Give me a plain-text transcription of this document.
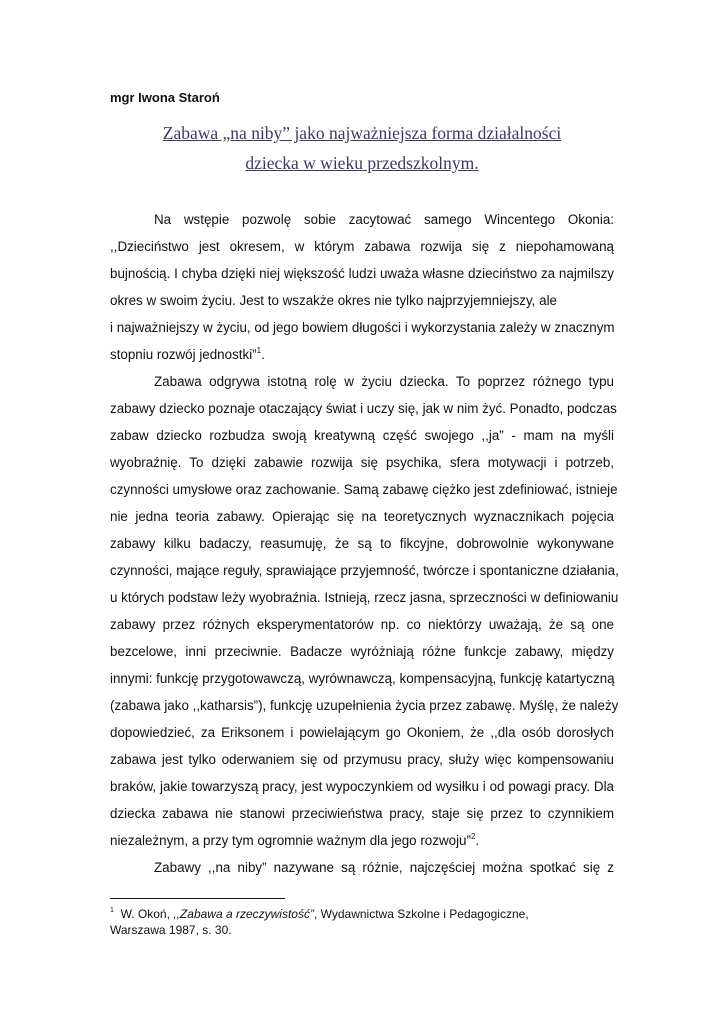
mgr Iwona Staroń
Zabawa „na niby” jako najważniejsza forma działalności
dziecka w wieku przedszkolnym.
Na wstępie pozwolę sobie zacytować samego Wincentego Okonia:
,,Dzieciństwo jest okresem, w którym zabawa rozwija się z niepohamowaną
bujnością. I chyba dzięki niej większość ludzi uważa własne dzieciństwo za najmilszy
okres w swoim życiu. Jest to wszakże okres nie tylko najprzyjemniejszy, ale
i najważniejszy w życiu, od jego bowiem długości i wykorzystania zależy w znacznym
stopniu rozwój jednostki”$^1$.
Zabawa odgrywa istotną rolę w życiu dziecka. To poprzez różnego typu
zabawy dziecko poznaje otaczający świat i uczy się, jak w nim żyć. Ponadto, podczas
zabaw dziecko rozbudza swoją kreatywną część swojego ,,ja” - mam na myśli
wyobraźnię. To dzięki zabawie rozwija się psychika, sfera motywacji i potrzeb,
czynności umysłowe oraz zachowanie. Samą zabawę ciężko jest zdefiniować, istnieje
nie jedna teoria zabawy. Opierając się na teoretycznych wyznacznikach pojęcia
zabawy kilku badaczy, reasumuję, że są to fikcyjne, dobrowolnie wykonywane
czynności, mające reguły, sprawiające przyjemność, twórcze i spontaniczne działania,
u których podstaw leży wyobraźnia. Istnieją, rzecz jasna, sprzeczności w definiowaniu
zabawy przez różnych eksperymentatorów np. co niektórzy uważają, że są one
bezcelowe, inni przeciwnie. Badacze wyróżniają różne funkcje zabawy, między
innymi: funkcję przygotowawczą, wyrównawczą, kompensacyjną, funkcję katartyczną
(zabawa jako ,,katharsis”), funkcję uzupełnienia życia przez zabawę. Myślę, że należy
dopowiedzieć, za Eriksonem i powielającym go Okoniem, że ,,dla osób dorosłych
zabawa jest tylko oderwaniem się od przymusu pracy, służy więc kompensowaniu
braków, jakie towarzyszą pracy, jest wypoczynkiem od wysiłku i od powagi pracy. Dla
dziecka zabawa nie stanowi przeciwieństwa pracy, staje się przez to czynnikiem
niezależnym, a przy tym ogromnie ważnym dla jego rozwoju”$^2$.
Zabawy ,,na niby” nazywane są różnie, najczęściej można spotkać się z
$^1$ W. Okoń, ,,Zabawa a rzeczywistość”, Wydawnictwa Szkolne i Pedagogiczne,
Warszawa 1987, s. 30.
